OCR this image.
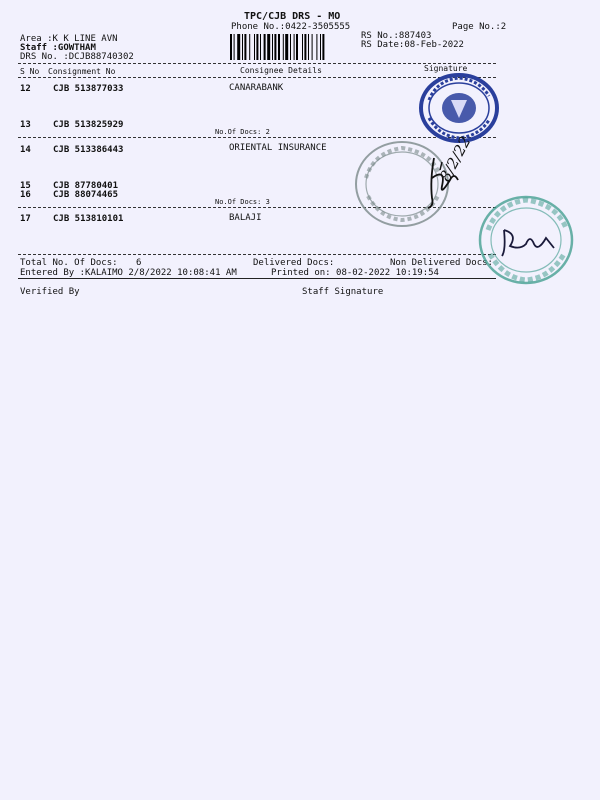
TPC/CJB DRS - MO
Phone No.:0422-3505555	Page No.:2
Area :K K LINE AVN
Staff :GOWTHAM
DRS No. :DCJB88740302
RS No.:887403
RS Date:08-Feb-2022
S No Consignment No	Consignee Details	Signature
12 CJB 513877033	CANARABANK
13 CJB 513825929
No.Of Docs: 2
14 CJB 513386443	ORIENTAL INSURANCE
15 CJB 87780401
16 CJB 88074465
No.Of Docs: 3
17 CJB 513810101	BALAJI
Total No. Of Docs: 6	Delivered Docs:	Non Delivered Docs:
Entered By :KALAIMO 2/8/2022 10:08:41 AM	Printed on: 08-02-2022 10:19:54
Verified By	Staff Signature
8/2/22
